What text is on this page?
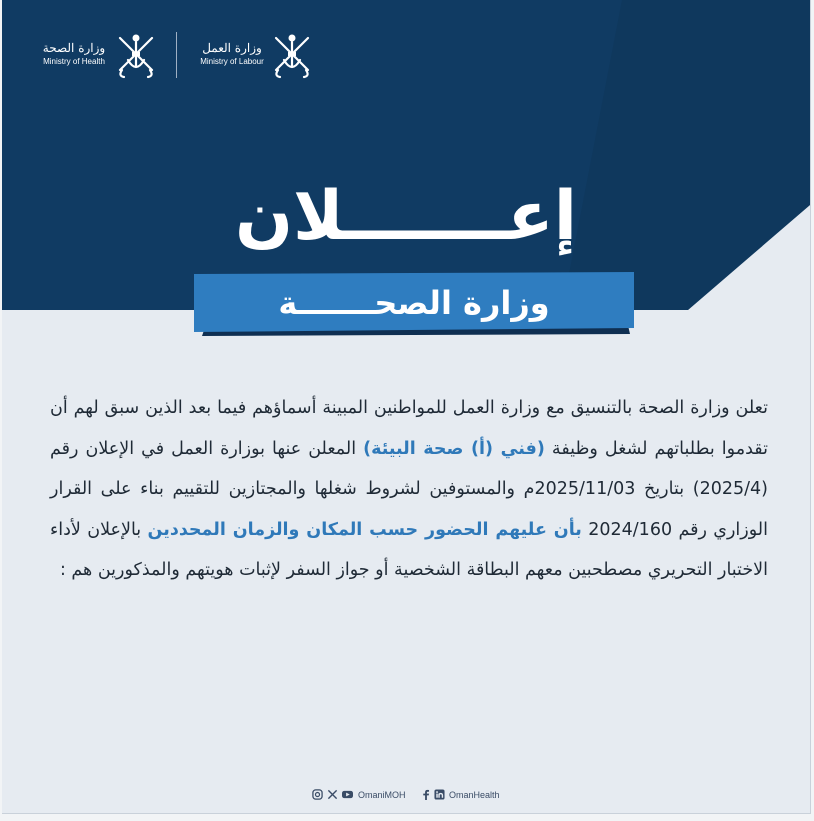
وزارة الصحة
Ministry of Health
وزارة العمل
Ministry of Labour
إعـــــــلان
وزارة الصحـــــــة
تعلن وزارة الصحة بالتنسيق مع وزارة العمل للمواطنين المبينة أسماؤهم فيما بعد الذين سبق لهم أن تقدموا بطلباتهم لشغل وظيفة (فني (أ) صحة البيئة) المعلن عنها بوزارة العمل في الإعلان رقم (2025/4) بتاريخ 2025/11/03م والمستوفين لشروط شغلها والمجتازين للتقييم بناء على القرار الوزاري رقم 2024/160 بأن عليهم الحضور حسب المكان والزمان المحددين بالإعلان لأداء الاختبار التحريري مصطحبين معهم البطاقة الشخصية أو جواز السفر لإثبات هويتهم والمذكورين هم :
OmaniMOH	OmanHealth
